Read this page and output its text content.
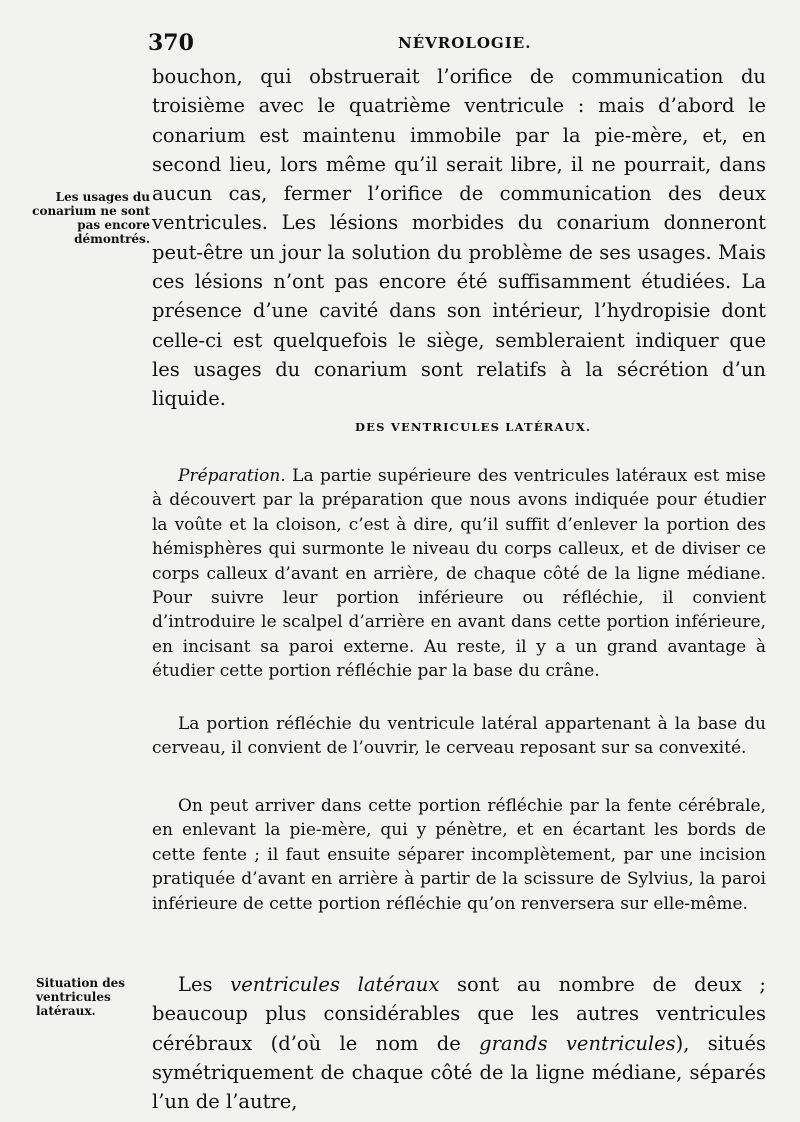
370	NÉVROLOGIE.

bouchon, qui obstruerait l’orifice de communication du troisième avec le quatrième ventricule : mais d’abord le conarium est maintenu immobile par la pie-mère, et, en second lieu, lors même qu’il serait libre, il ne pourrait, dans aucun cas, fermer l’orifice de communication des deux ventricules. Les lésions morbides du conarium donneront peut-être un jour la solution du problème de ses usages. Mais ces lésions n’ont pas encore été suffisamment étudiées. La présence d’une cavité dans son intérieur, l’hydropisie dont celle-ci est quelquefois le siège, sembleraient indiquer que les usages du conarium sont relatifs à la sécrétion d’un liquide.

Les usages du conarium ne sont pas encore démontrés.
DES VENTRICULES LATÉRAUX.

Préparation. La partie supérieure des ventricules latéraux est mise à découvert par la préparation que nous avons indiquée pour étudier la voûte et la cloison, c’est à dire, qu’il suffit d’enlever la portion des hémisphères qui surmonte le niveau du corps calleux, et de diviser ce corps calleux d’avant en arrière, de chaque côté de la ligne médiane. Pour suivre leur portion inférieure ou réfléchie, il convient d’introduire le scalpel d’arrière en avant dans cette portion inférieure, en incisant sa paroi externe. Au reste, il y a un grand avantage à étudier cette portion réfléchie par la base du crâne.

La portion réfléchie du ventricule latéral appartenant à la base du cerveau, il convient de l’ouvrir, le cerveau reposant sur sa convexité.

On peut arriver dans cette portion réfléchie par la fente cérébrale, en enlevant la pie-mère, qui y pénètre, et en écartant les bords de cette fente ; il faut ensuite séparer incomplètement, par une incision pratiquée d’avant en arrière à partir de la scissure de Sylvius, la paroi inférieure de cette portion réfléchie qu’on renversera sur elle-même.

Situation des ventricules latéraux.

Les ventricules latéraux sont au nombre de deux ; beaucoup plus considérables que les autres ventricules cérébraux (d’où le nom de grands ventricules), situés symétriquement de chaque côté de la ligne médiane, séparés l’un de l’autre,
